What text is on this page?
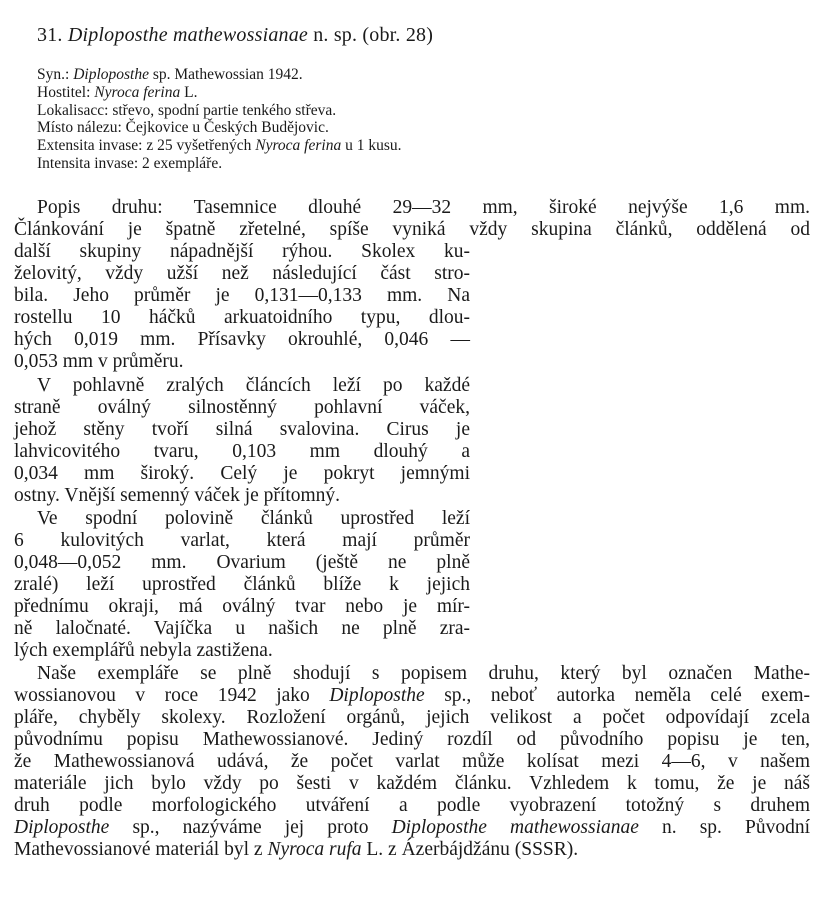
31. Diploposthe mathewossianae n. sp. (obr. 28)
Syn.: Diploposthe sp. Mathewossian 1942.
Hostitel: Nyroca ferina L.
Lokalisacc: střevo, spodní partie tenkého střeva.
Místo nálezu: Čejkovice u Českých Budějovic.
Extensita invase: z 25 vyšetřených Nyroca ferina u 1 kusu.
Intensita invase: 2 exempláře.
Popis druhu: Tasemnice dlouhé 29—32 mm, široké nejvýše 1,6 mm.
Článkování je špatně zřetelné, spíše vyniká vždy skupina článků, oddělená od
další skupiny nápadnější rýhou. Skolex ku-
želovitý, vždy užší než následující část stro-
bila. Jeho průměr je 0,131—0,133 mm. Na
rostellu 10 háčků arkuatoidního typu, dlou-
hých 0,019 mm. Přísavky okrouhlé, 0,046 —
0,053 mm v průměru.
V pohlavně zralých článcích leží po každé
straně oválný silnostěnný pohlavní váček,
jehož stěny tvoří silná svalovina. Cirus je
lahvicovitého tvaru, 0,103 mm dlouhý a
0,034 mm široký. Celý je pokryt jemnými
ostny. Vnější semenný váček je přítomný.
Ve spodní polovině článků uprostřed leží
6 kulovitých varlat, která mají průměr
0,048—0,052 mm. Ovarium (ještě ne plně
zralé) leží uprostřed článků blíže k jejich
přednímu okraji, má oválný tvar nebo je mír-
ně laločnaté. Vajíčka u našich ne plně zra-
lých exemplářů nebyla zastižena.
Naše exempláře se plně shodují s popisem druhu, který byl označen Mathe-
wossianovou v roce 1942 jako Diploposthe sp., neboť autorka neměla celé exem-
pláře, chyběly skolexy. Rozložení orgánů, jejich velikost a počet odpovídají zcela
původnímu popisu Mathewossianové. Jediný rozdíl od původního popisu je ten,
že Mathewossianová udává, že počet varlat může kolísat mezi 4—6, v našem
materiále jich bylo vždy po šesti v každém článku. Vzhledem k tomu, že je náš
druh podle morfologického utváření a podle vyobrazení totožný s druhem
Diploposthe sp., nazýváme jej proto Diploposthe mathewossianae n. sp. Původní
Mathevossianové materiál byl z Nyroca rufa L. z Ázerbájdžánu (SSSR).
